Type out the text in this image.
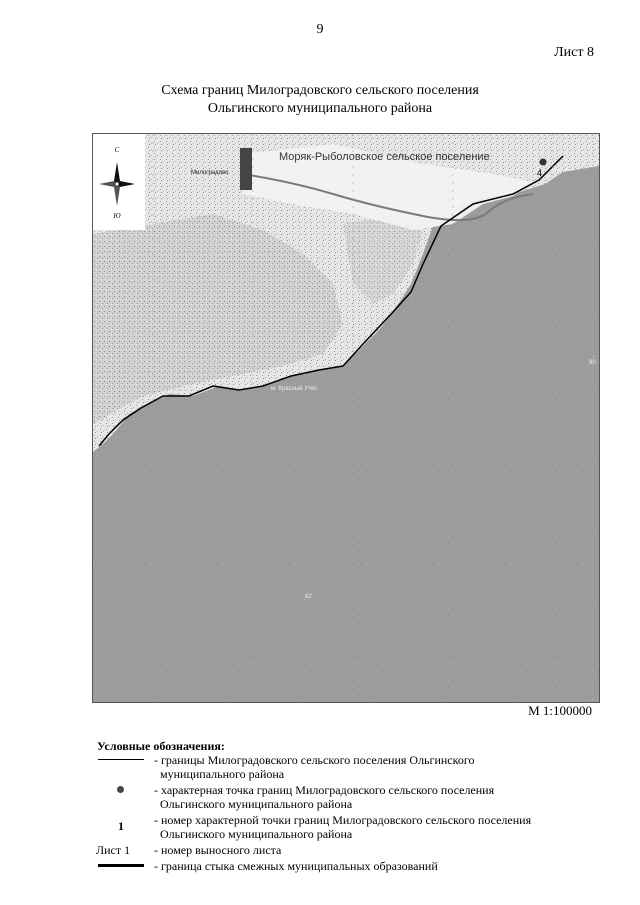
9
Лист 8
Схема границ Милоградовского сельского поселения
Ольгинского муниципального района
С
Ю
Милоградово
Моряк-Рыболовское сельское поселение
4
м. Красный Утёс
82
90
М 1:100000
Условные обозначения:
- границы Милоградовского сельского поселения Ольгинского
муниципального района
- характерная точка границ Милоградовского сельского поселения
Ольгинского муниципального района
1	- номер характерной точки границ Милоградовского сельского поселения
Ольгинского муниципального района
Лист 1 - номер выносного листа
- граница стыка смежных муниципальных образований
